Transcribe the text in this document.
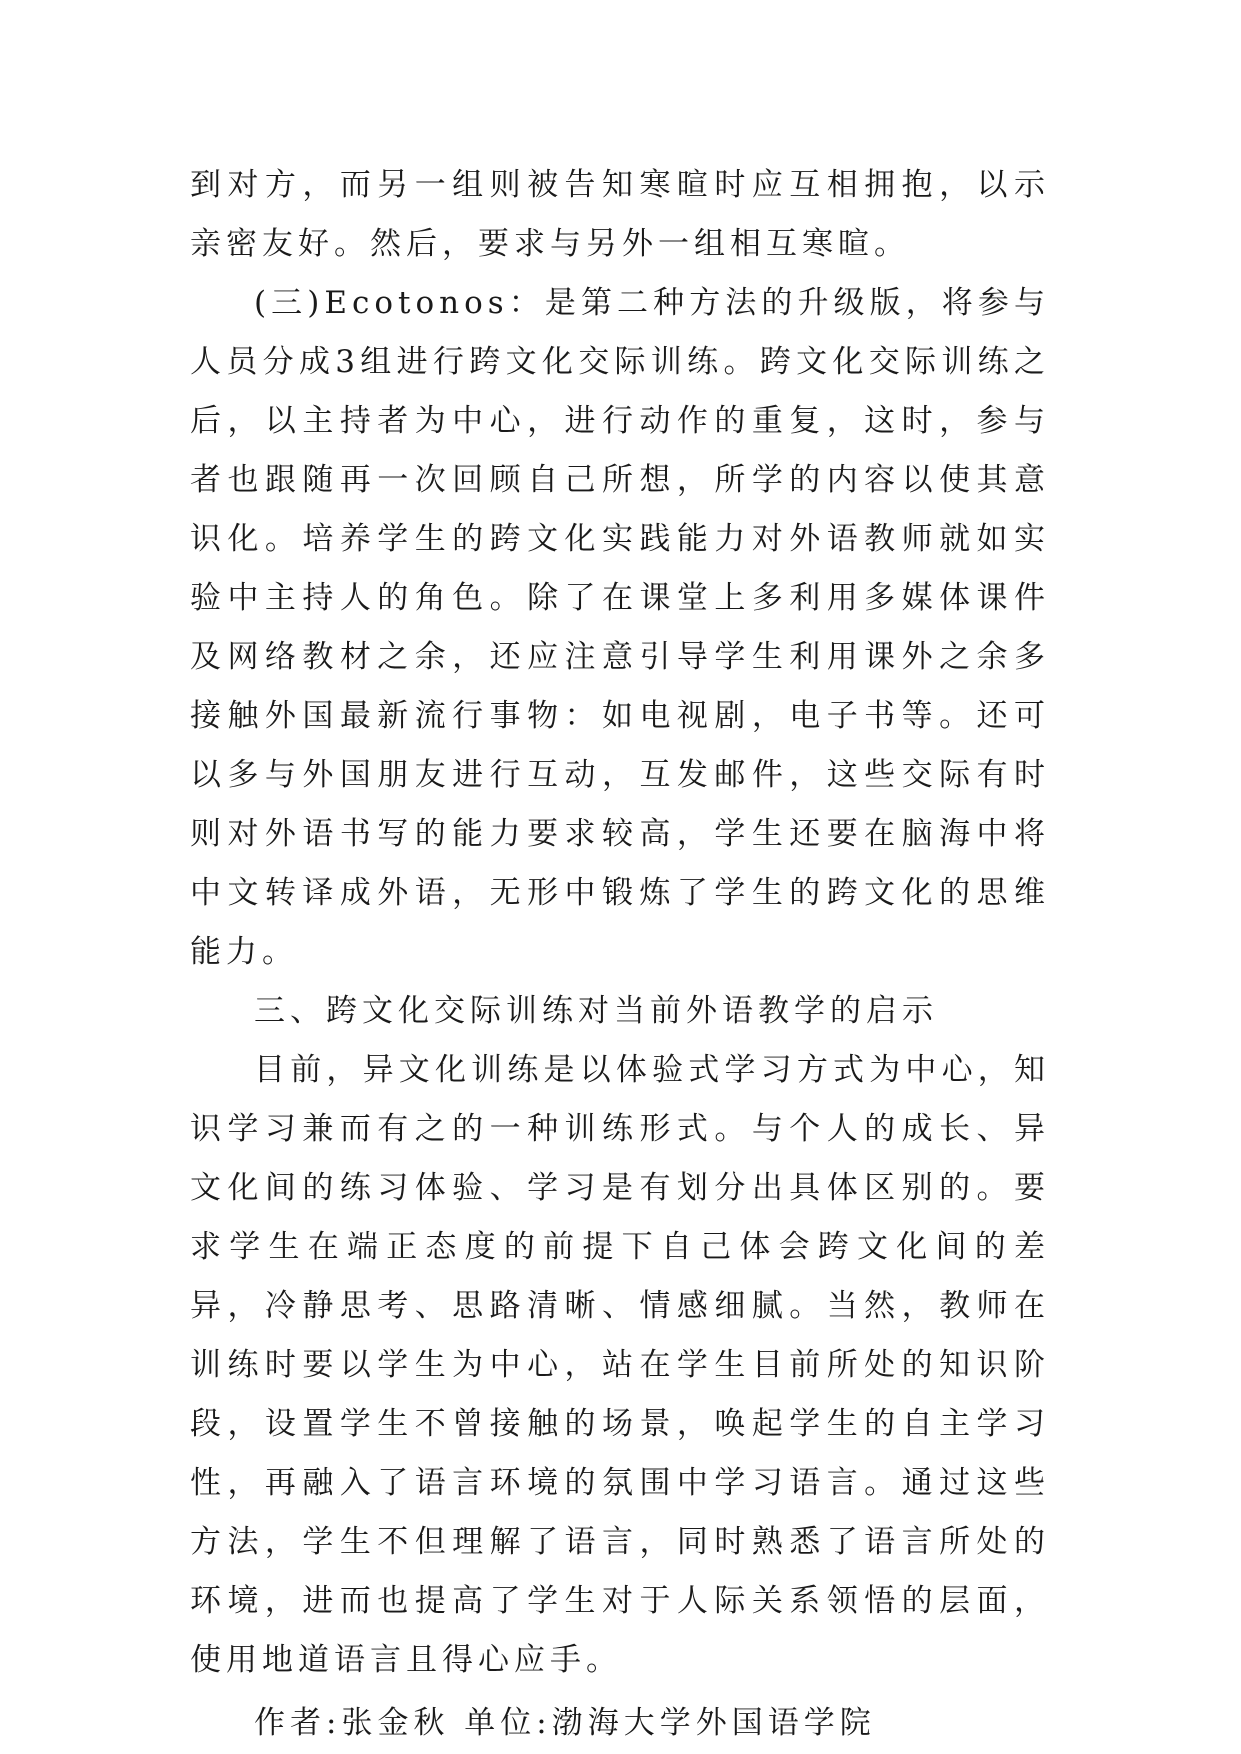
到对方，而另一组则被告知寒暄时应互相拥抱，以示亲密友好。然后，要求与另外一组相互寒暄。

(三)Ecotonos：是第二种方法的升级版，将参与人员分成3组进行跨文化交际训练。跨文化交际训练之后，以主持者为中心，进行动作的重复，这时，参与者也跟随再一次回顾自己所想，所学的内容以使其意识化。培养学生的跨文化实践能力对外语教师就如实验中主持人的角色。除了在课堂上多利用多媒体课件及网络教材之余，还应注意引导学生利用课外之余多接触外国最新流行事物：如电视剧，电子书等。还可以多与外国朋友进行互动，互发邮件，这些交际有时则对外语书写的能力要求较高，学生还要在脑海中将中文转译成外语，无形中锻炼了学生的跨文化的思维能力。

三、跨文化交际训练对当前外语教学的启示

目前，异文化训练是以体验式学习方式为中心，知识学习兼而有之的一种训练形式。与个人的成长、异文化间的练习体验、学习是有划分出具体区别的。要求学生在端正态度的前提下自己体会跨文化间的差异，冷静思考、思路清晰、情感细腻。当然，教师在训练时要以学生为中心，站在学生目前所处的知识阶段，设置学生不曾接触的场景，唤起学生的自主学习性，再融入了语言环境的氛围中学习语言。通过这些方法，学生不但理解了语言，同时熟悉了语言所处的环境，进而也提高了学生对于人际关系领悟的层面，使用地道语言且得心应手。

作者:张金秋 单位:渤海大学外国语学院
